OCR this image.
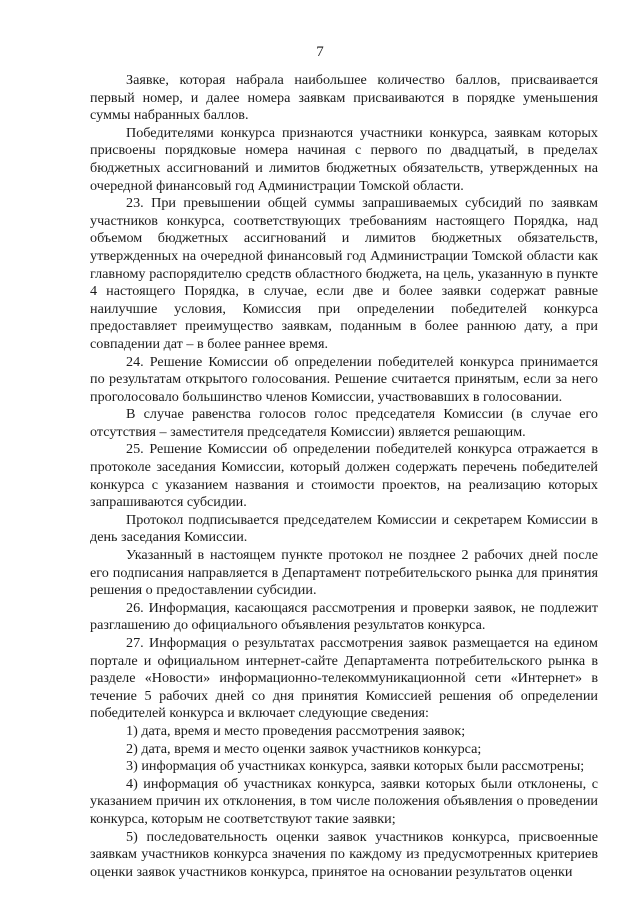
7

Заявке, которая набрала наибольшее количество баллов, присваивается первый номер, и далее номера заявкам присваиваются в порядке уменьшения суммы набранных баллов.

Победителями конкурса признаются участники конкурса, заявкам которых присвоены порядковые номера начиная с первого по двадцатый, в пределах бюджетных ассигнований и лимитов бюджетных обязательств, утвержденных на очередной финансовый год Администрации Томской области.

23. При превышении общей суммы запрашиваемых субсидий по заявкам участников конкурса, соответствующих требованиям настоящего Порядка, над объемом бюджетных ассигнований и лимитов бюджетных обязательств, утвержденных на очередной финансовый год Администрации Томской области как главному распорядителю средств областного бюджета, на цель, указанную в пункте 4 настоящего Порядка, в случае, если две и более заявки содержат равные наилучшие условия, Комиссия при определении победителей конкурса предоставляет преимущество заявкам, поданным в более раннюю дату, а при совпадении дат – в более раннее время.

24. Решение Комиссии об определении победителей конкурса принимается по результатам открытого голосования. Решение считается принятым, если за него проголосовало большинство членов Комиссии, участвовавших в голосовании.

В случае равенства голосов голос председателя Комиссии (в случае его отсутствия – заместителя председателя Комиссии) является решающим.

25. Решение Комиссии об определении победителей конкурса отражается в протоколе заседания Комиссии, который должен содержать перечень победителей конкурса с указанием названия и стоимости проектов, на реализацию которых запрашиваются субсидии.

Протокол подписывается председателем Комиссии и секретарем Комиссии в день заседания Комиссии.

Указанный в настоящем пункте протокол не позднее 2 рабочих дней после его подписания направляется в Департамент потребительского рынка для принятия решения о предоставлении субсидии.

26. Информация, касающаяся рассмотрения и проверки заявок, не подлежит разглашению до официального объявления результатов конкурса.

27. Информация о результатах рассмотрения заявок размещается на едином портале и официальном интернет-сайте Департамента потребительского рынка в разделе «Новости» информационно-телекоммуникационной сети «Интернет» в течение 5 рабочих дней со дня принятия Комиссией решения об определении победителей конкурса и включает следующие сведения:

1) дата, время и место проведения рассмотрения заявок;

2) дата, время и место оценки заявок участников конкурса;

3) информация об участниках конкурса, заявки которых были рассмотрены;

4) информация об участниках конкурса, заявки которых были отклонены, с указанием причин их отклонения, в том числе положения объявления о проведении конкурса, которым не соответствуют такие заявки;

5) последовательность оценки заявок участников конкурса, присвоенные заявкам участников конкурса значения по каждому из предусмотренных критериев оценки заявок участников конкурса, принятое на основании результатов оценки
